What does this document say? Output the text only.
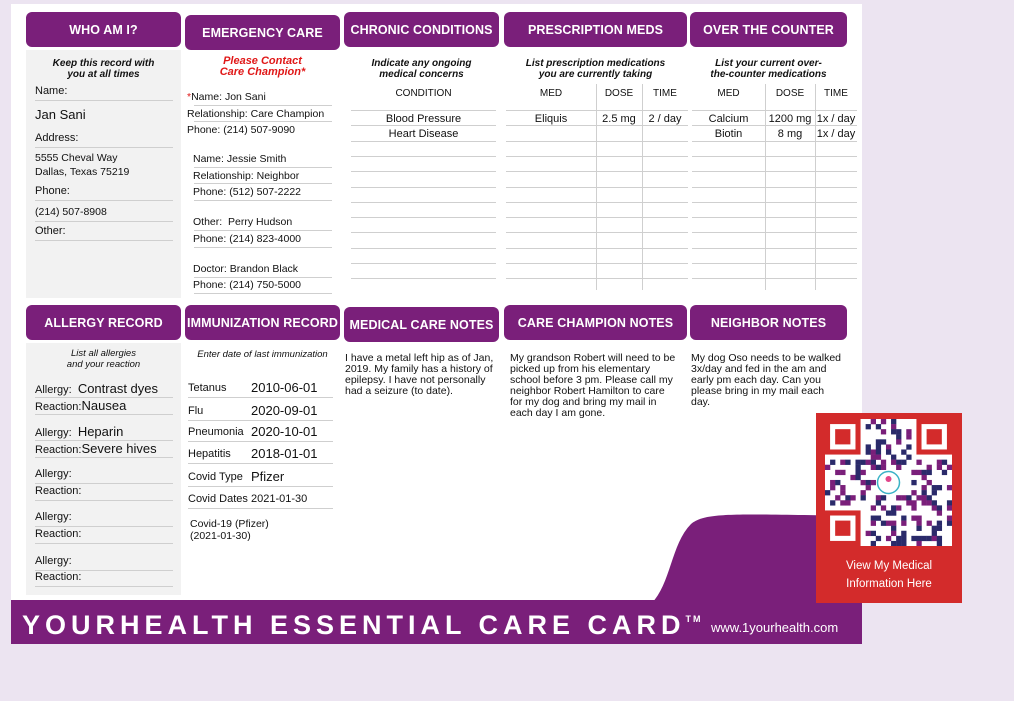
WHO AM I?	EMERGENCY CARE	CHRONIC CONDITIONS	PRESCRIPTION MEDS	OVER THE COUNTER
Keep this record with
you at all times
Name:
Jan Sani
Address:
5555 Cheval Way
Dallas, Texas 75219
Phone:
(214) 507-8908
Other:
Please Contact
Care Champion*
*Name: Jon Sani
Relationship: Care Champion
Phone: (214) 507-9090
Name: Jessie Smith
Relationship: Neighbor
Phone: (512) 507-2222
Other: Perry Hudson
Phone: (214) 823-4000
Doctor: Brandon Black
Phone: (214) 750-5000
Indicate any ongoing
medical concerns
CONDITION
Blood Pressure
Heart Disease
List prescription medications
you are currently taking
MED	DOSE	TIME
Eliquis	2.5 mg	2 / day
List your current over-
the-counter medications
MED	DOSE	TIME
Calcium	1200 mg 1x / day
Biotin	8 mg	1x / day
ALLERGY RECORD	IMMUNIZATION RECORD MEDICAL CARE NOTES	CARE CHAMPION NOTES	NEIGHBOR NOTES
List all allergies
and your reaction
Allergy: Contrast dyes
Reaction:Nausea
Allergy: Heparin
Reaction:Severe hives
Allergy:
Reaction:
Allergy:
Reaction:
Allergy:
Reaction:
Enter date of last immunization
Tetanus 2010-06-01
Flu	2020-09-01
Pneumonia 2020-10-01
Hepatitis 2018-01-01
Covid Type Pfizer
Covid Dates 2021-01-30
Covid-19 (Pfizer)
(2021-01-30)
I have a metal left hip as of Jan,
2019. My family has a history of
epilepsy. I have not personally
had a seizure (to date).
My grandson Robert will need to be
picked up from his elementary
school before 3 pm. Please call my
neighbor Robert Hamilton to care
for my dog and bring my mail in
each day I am gone.
My dog Oso needs to be walked
3x/day and fed in the am and
early pm each day. Can you
please bring in my mail each
day.
YOURHEALTH ESSENTIAL CARE CARD™
www.1yourhealth.com
View My Medical
Information Here
